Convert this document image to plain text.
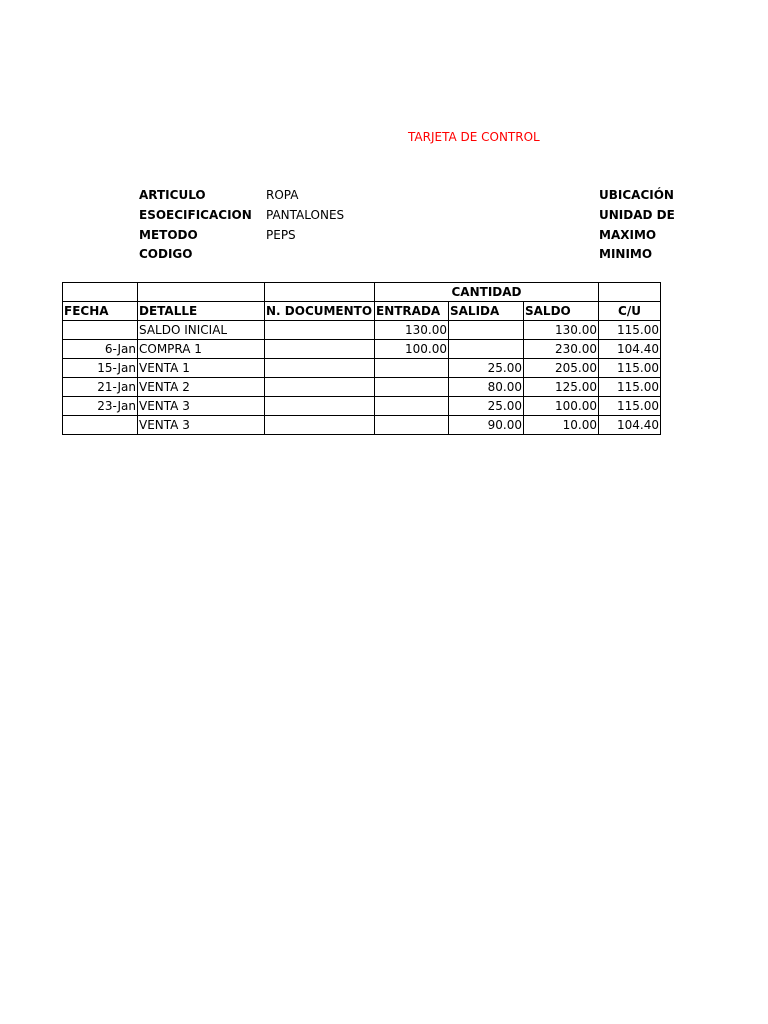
TARJETA DE CONTROL
ARTICULO	ROPA
ESOECIFICACION PANTALONES
METODO	PEPS
CODIGO
UBICACIÓN
UNIDAD DE
MAXIMO
MINIMO
			CANTIDAD			
FECHA	DETALLE	N. DOCUMENTO	ENTRADA	SALIDA	SALDO	C/U
	SALDO INICIAL		130.00		130.00	115.00
6-Jan	COMPRA 1		100.00		230.00	104.40
15-Jan	VENTA 1			25.00	205.00	115.00
21-Jan	VENTA 2			80.00	125.00	115.00
23-Jan	VENTA 3			25.00	100.00	115.00
	VENTA 3			90.00	10.00	104.40
